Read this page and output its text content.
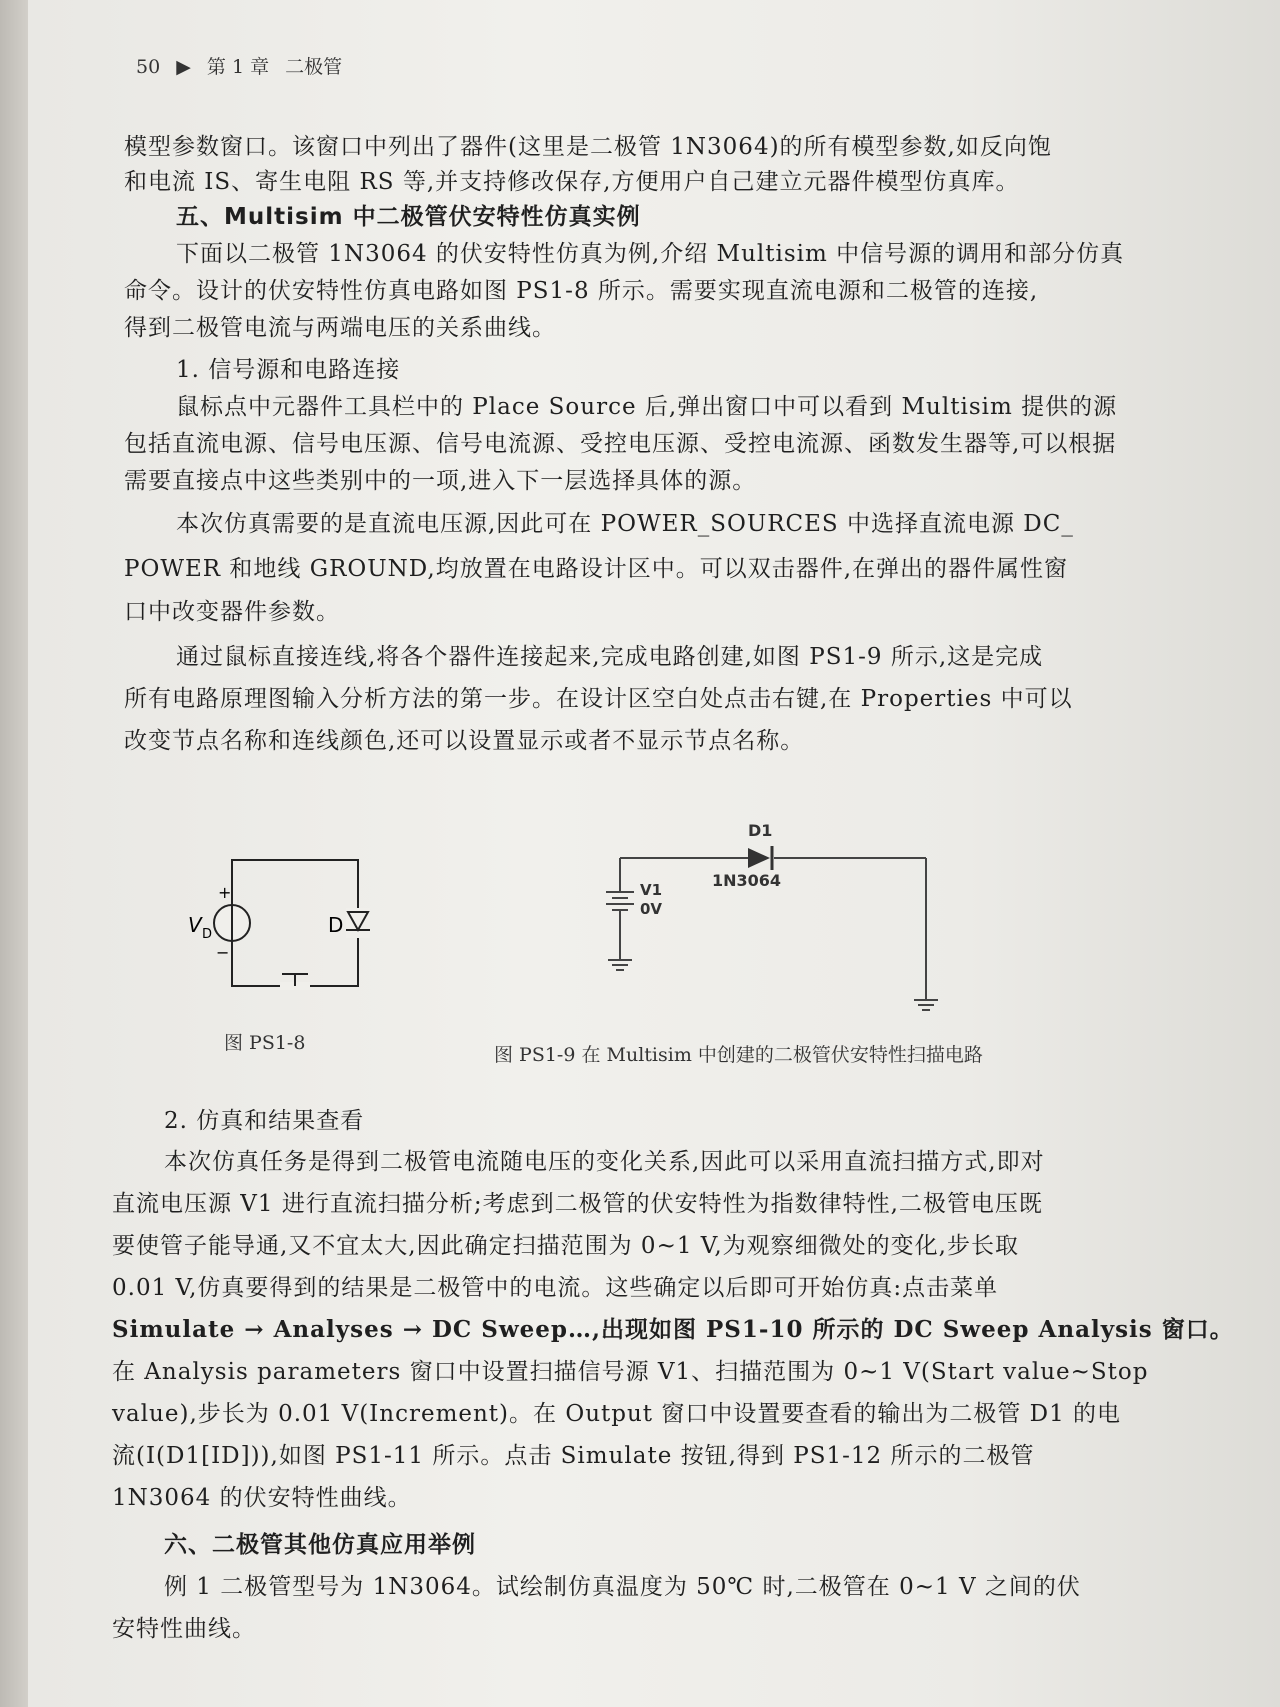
50 ▶ 第 1 章 二极管
模型参数窗口。该窗口中列出了器件(这里是二极管 1N3064)的所有模型参数,如反向饱
和电流 IS、寄生电阻 RS 等,并支持修改保存,方便用户自己建立元器件模型仿真库。
五、Multisim 中二极管伏安特性仿真实例
下面以二极管 1N3064 的伏安特性仿真为例,介绍 Multisim 中信号源的调用和部分仿真
命令。设计的伏安特性仿真电路如图 PS1-8 所示。需要实现直流电源和二极管的连接,
得到二极管电流与两端电压的关系曲线。
1. 信号源和电路连接
鼠标点中元器件工具栏中的 Place Source 后,弹出窗口中可以看到 Multisim 提供的源
包括直流电源、信号电压源、信号电流源、受控电压源、受控电流源、函数发生器等,可以根据
需要直接点中这些类别中的一项,进入下一层选择具体的源。
本次仿真需要的是直流电压源,因此可在 POWER_SOURCES 中选择直流电源 DC_
POWER 和地线 GROUND,均放置在电路设计区中。可以双击器件,在弹出的器件属性窗
口中改变器件参数。
通过鼠标直接连线,将各个器件连接起来,完成电路创建,如图 PS1-9 所示,这是完成
所有电路原理图输入分析方法的第一步。在设计区空白处点击右键,在 Properties 中可以
改变节点名称和连线颜色,还可以设置显示或者不显示节点名称。
+
−
V D	D
图 PS1-8
D1
1N3064
V1
0V
图 PS1-9 在 Multisim 中创建的二极管伏安特性扫描电路
2. 仿真和结果查看
本次仿真任务是得到二极管电流随电压的变化关系,因此可以采用直流扫描方式,即对
直流电压源 V1 进行直流扫描分析;考虑到二极管的伏安特性为指数律特性,二极管电压既
要使管子能导通,又不宜太大,因此确定扫描范围为 0~1 V,为观察细微处的变化,步长取
0.01 V,仿真要得到的结果是二极管中的电流。这些确定以后即可开始仿真:点击菜单
Simulate → Analyses → DC Sweep…,出现如图 PS1-10 所示的 DC Sweep Analysis 窗口。
在 Analysis parameters 窗口中设置扫描信号源 V1、扫描范围为 0~1 V(Start value~Stop
value),步长为 0.01 V(Increment)。在 Output 窗口中设置要查看的输出为二极管 D1 的电
流(I(D1[ID])),如图 PS1-11 所示。点击 Simulate 按钮,得到 PS1-12 所示的二极管
1N3064 的伏安特性曲线。
六、二极管其他仿真应用举例
例 1 二极管型号为 1N3064。试绘制仿真温度为 50℃ 时,二极管在 0~1 V 之间的伏
安特性曲线。
